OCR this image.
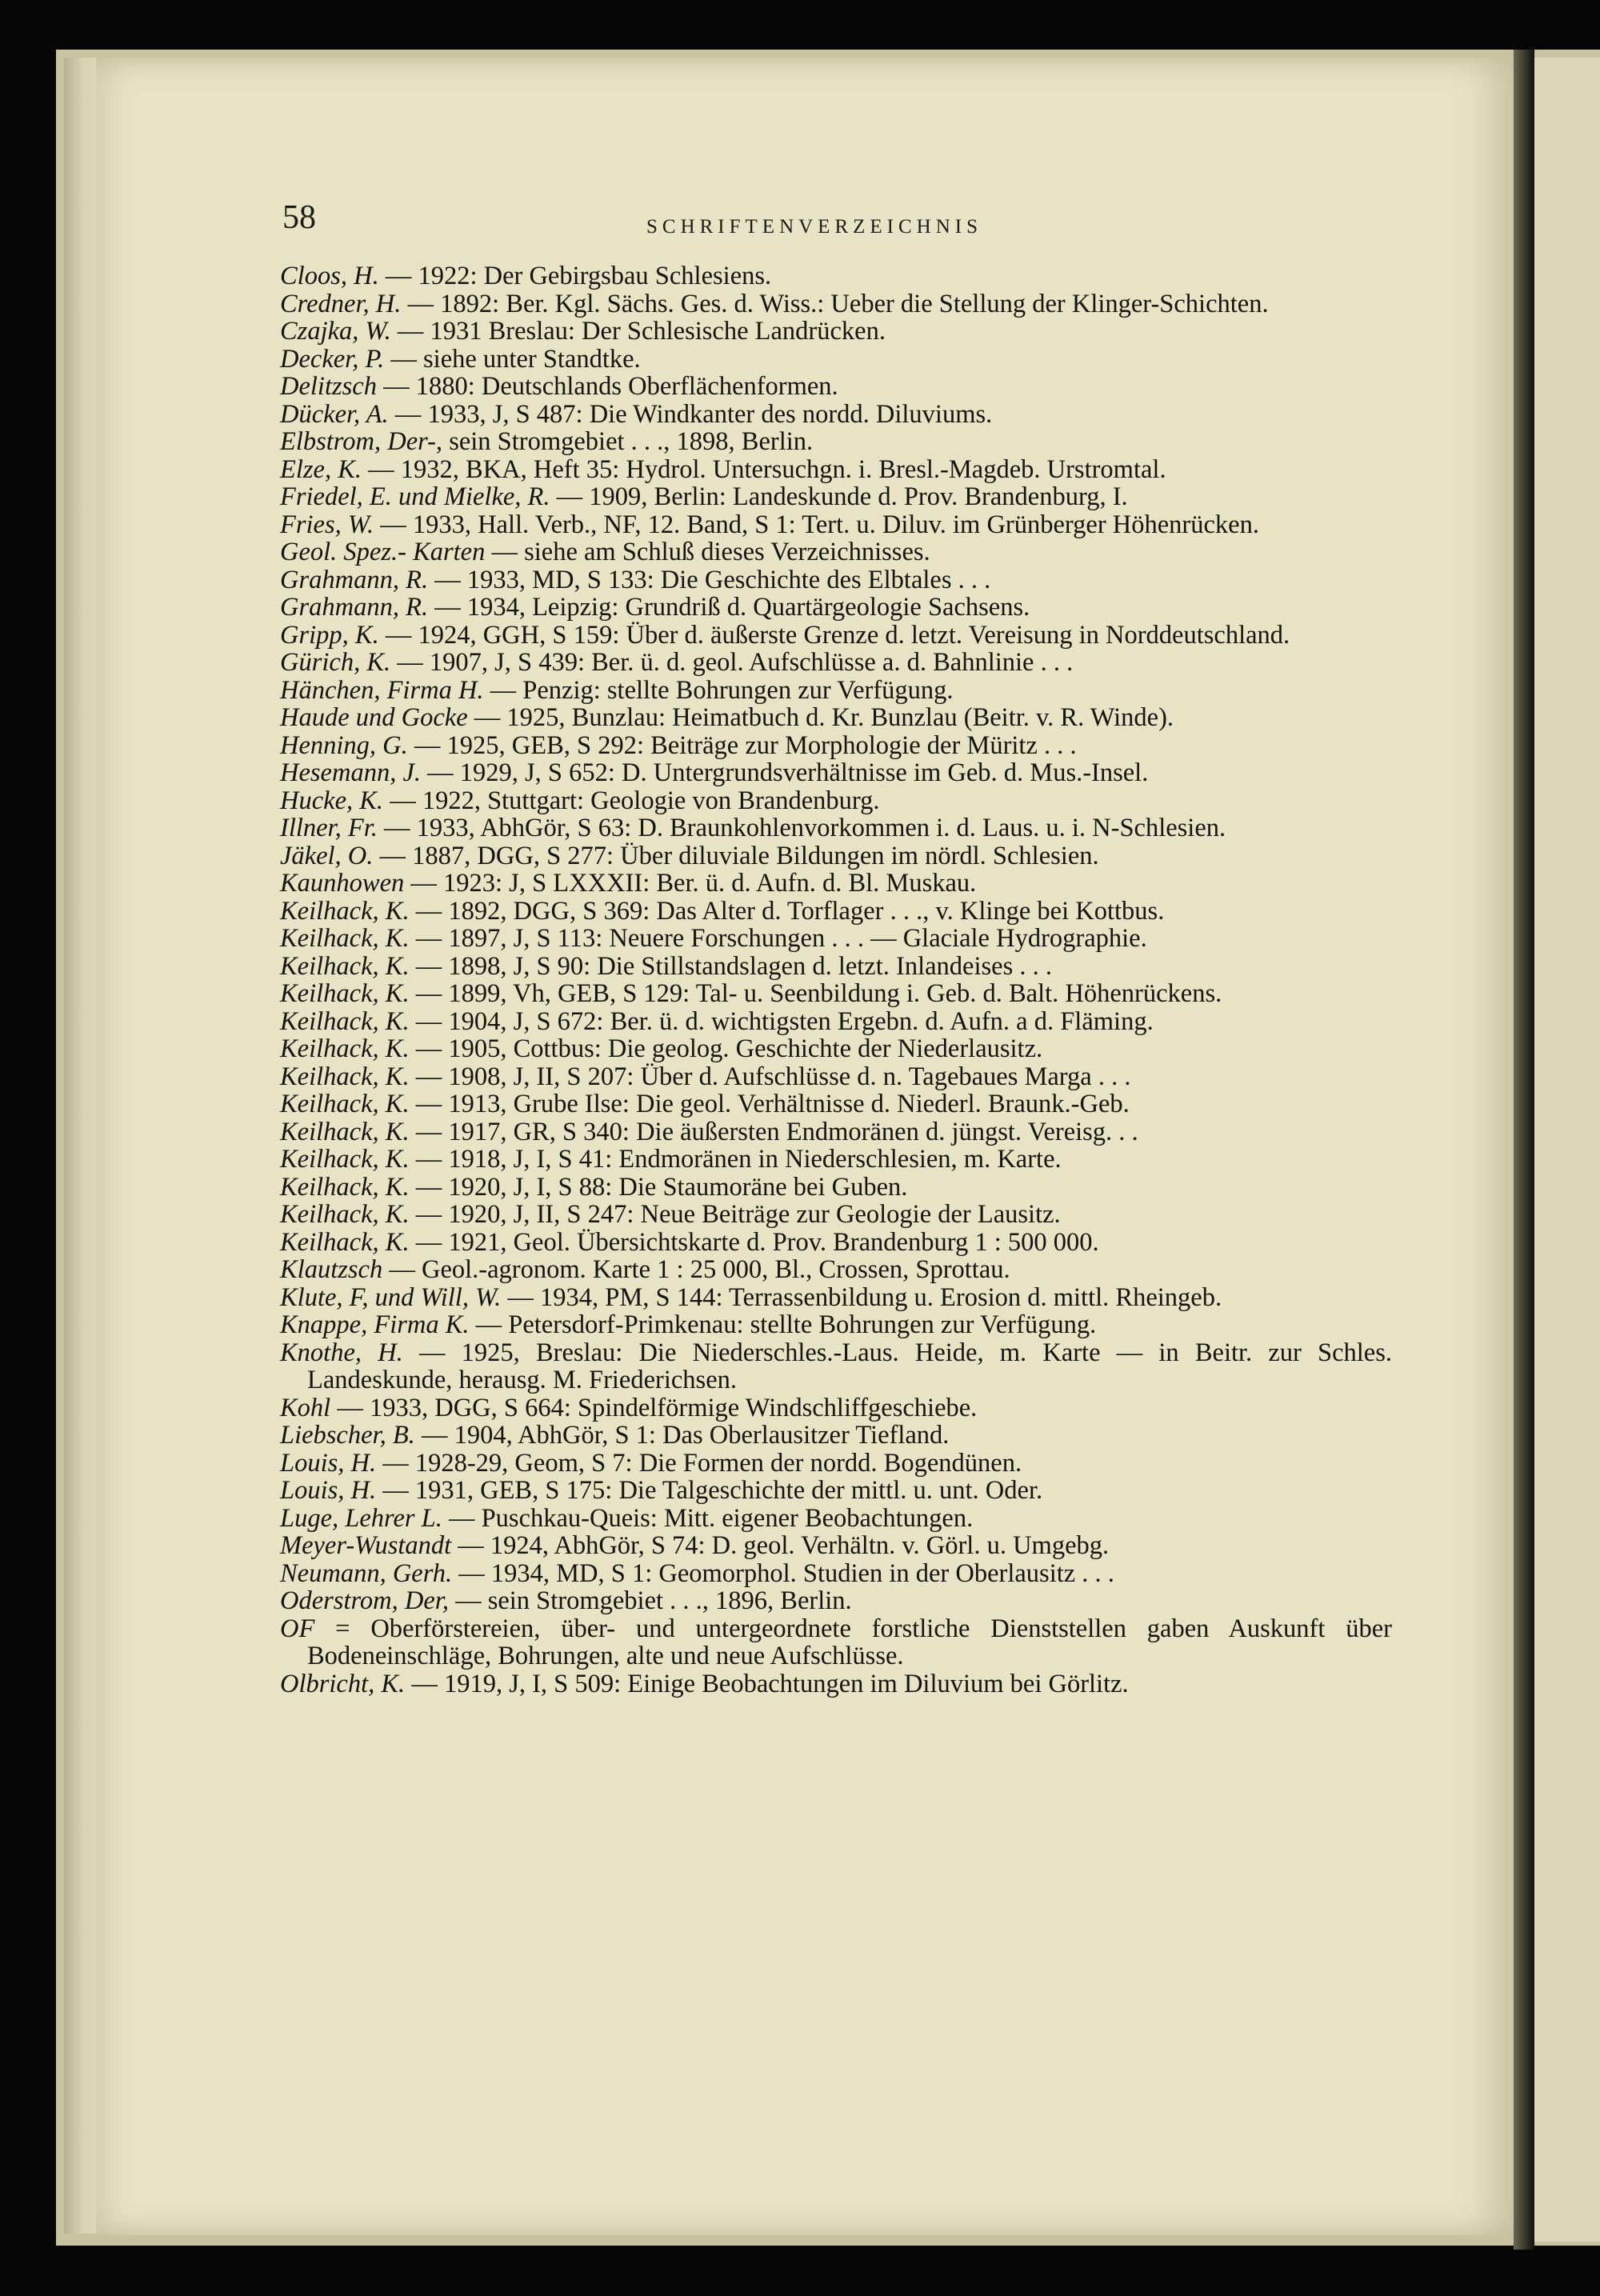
58	SCHRIFTENVERZEICHNIS
Cloos, H. — 1922: Der Gebirgsbau Schlesiens.
Credner, H. — 1892: Ber. Kgl. Sächs. Ges. d. Wiss.: Ueber die Stellung der Klinger-Schichten.
Czajka, W. — 1931 Breslau: Der Schlesische Landrücken.
Decker, P. — siehe unter Standtke.
Delitzsch — 1880: Deutschlands Oberflächenformen.
Dücker, A. — 1933, J, S 487: Die Windkanter des nordd. Diluviums.
Elbstrom, Der-, sein Stromgebiet . . ., 1898, Berlin.
Elze, K. — 1932, BKA, Heft 35: Hydrol. Untersuchgn. i. Bresl.-Magdeb. Urstromtal.
Friedel, E. und Mielke, R. — 1909, Berlin: Landeskunde d. Prov. Brandenburg, I.
Fries, W. — 1933, Hall. Verb., NF, 12. Band, S 1: Tert. u. Diluv. im Grünberger Höhenrücken.
Geol. Spez.- Karten — siehe am Schluß dieses Verzeichnisses.
Grahmann, R. — 1933, MD, S 133: Die Geschichte des Elbtales . . .
Grahmann, R. — 1934, Leipzig: Grundriß d. Quartärgeologie Sachsens.
Gripp, K. — 1924, GGH, S 159: Über d. äußerste Grenze d. letzt. Vereisung in Norddeutschland.
Gürich, K. — 1907, J, S 439: Ber. ü. d. geol. Aufschlüsse a. d. Bahnlinie . . .
Hänchen, Firma H. — Penzig: stellte Bohrungen zur Verfügung.
Haude und Gocke — 1925, Bunzlau: Heimatbuch d. Kr. Bunzlau (Beitr. v. R. Winde).
Henning, G. — 1925, GEB, S 292: Beiträge zur Morphologie der Müritz . . .
Hesemann, J. — 1929, J, S 652: D. Untergrundsverhältnisse im Geb. d. Mus.-Insel.
Hucke, K. — 1922, Stuttgart: Geologie von Brandenburg.
Illner, Fr. — 1933, AbhGör, S 63: D. Braunkohlenvorkommen i. d. Laus. u. i. N-Schlesien.
Jäkel, O. — 1887, DGG, S 277: Über diluviale Bildungen im nördl. Schlesien.
Kaunhowen — 1923: J, S LXXXII: Ber. ü. d. Aufn. d. Bl. Muskau.
Keilhack, K. — 1892, DGG, S 369: Das Alter d. Torflager . . ., v. Klinge bei Kottbus.
Keilhack, K. — 1897, J, S 113: Neuere Forschungen . . . — Glaciale Hydrographie.
Keilhack, K. — 1898, J, S 90: Die Stillstandslagen d. letzt. Inlandeises . . .
Keilhack, K. — 1899, Vh, GEB, S 129: Tal- u. Seenbildung i. Geb. d. Balt. Höhenrückens.
Keilhack, K. — 1904, J, S 672: Ber. ü. d. wichtigsten Ergebn. d. Aufn. a d. Fläming.
Keilhack, K. — 1905, Cottbus: Die geolog. Geschichte der Niederlausitz.
Keilhack, K. — 1908, J, II, S 207: Über d. Aufschlüsse d. n. Tagebaues Marga . . .
Keilhack, K. — 1913, Grube Ilse: Die geol. Verhältnisse d. Niederl. Braunk.-Geb.
Keilhack, K. — 1917, GR, S 340: Die äußersten Endmoränen d. jüngst. Vereisg. . .
Keilhack, K. — 1918, J, I, S 41: Endmoränen in Niederschlesien, m. Karte.
Keilhack, K. — 1920, J, I, S 88: Die Staumoräne bei Guben.
Keilhack, K. — 1920, J, II, S 247: Neue Beiträge zur Geologie der Lausitz.
Keilhack, K. — 1921, Geol. Übersichtskarte d. Prov. Brandenburg 1 : 500 000.
Klautzsch — Geol.-agronom. Karte 1 : 25 000, Bl., Crossen, Sprottau.
Klute, F, und Will, W. — 1934, PM, S 144: Terrassenbildung u. Erosion d. mittl. Rheingeb.
Knappe, Firma K. — Petersdorf-Primkenau: stellte Bohrungen zur Verfügung.
Knothe, H. — 1925, Breslau: Die Niederschles.-Laus. Heide, m. Karte — in Beitr. zur Schles. Landeskunde, herausg. M. Friederichsen.
Kohl — 1933, DGG, S 664: Spindelförmige Windschliffgeschiebe.
Liebscher, B. — 1904, AbhGör, S 1: Das Oberlausitzer Tiefland.
Louis, H. — 1928-29, Geom, S 7: Die Formen der nordd. Bogendünen.
Louis, H. — 1931, GEB, S 175: Die Talgeschichte der mittl. u. unt. Oder.
Luge, Lehrer L. — Puschkau-Queis: Mitt. eigener Beobachtungen.
Meyer-Wustandt — 1924, AbhGör, S 74: D. geol. Verhältn. v. Görl. u. Umgebg.
Neumann, Gerh. — 1934, MD, S 1: Geomorphol. Studien in der Oberlausitz . . .
Oderstrom, Der, — sein Stromgebiet . . ., 1896, Berlin.
OF = Oberförstereien, über- und untergeordnete forstliche Dienststellen gaben Auskunft über Bodeneinschläge, Bohrungen, alte und neue Aufschlüsse.
Olbricht, K. — 1919, J, I, S 509: Einige Beobachtungen im Diluvium bei Görlitz.
